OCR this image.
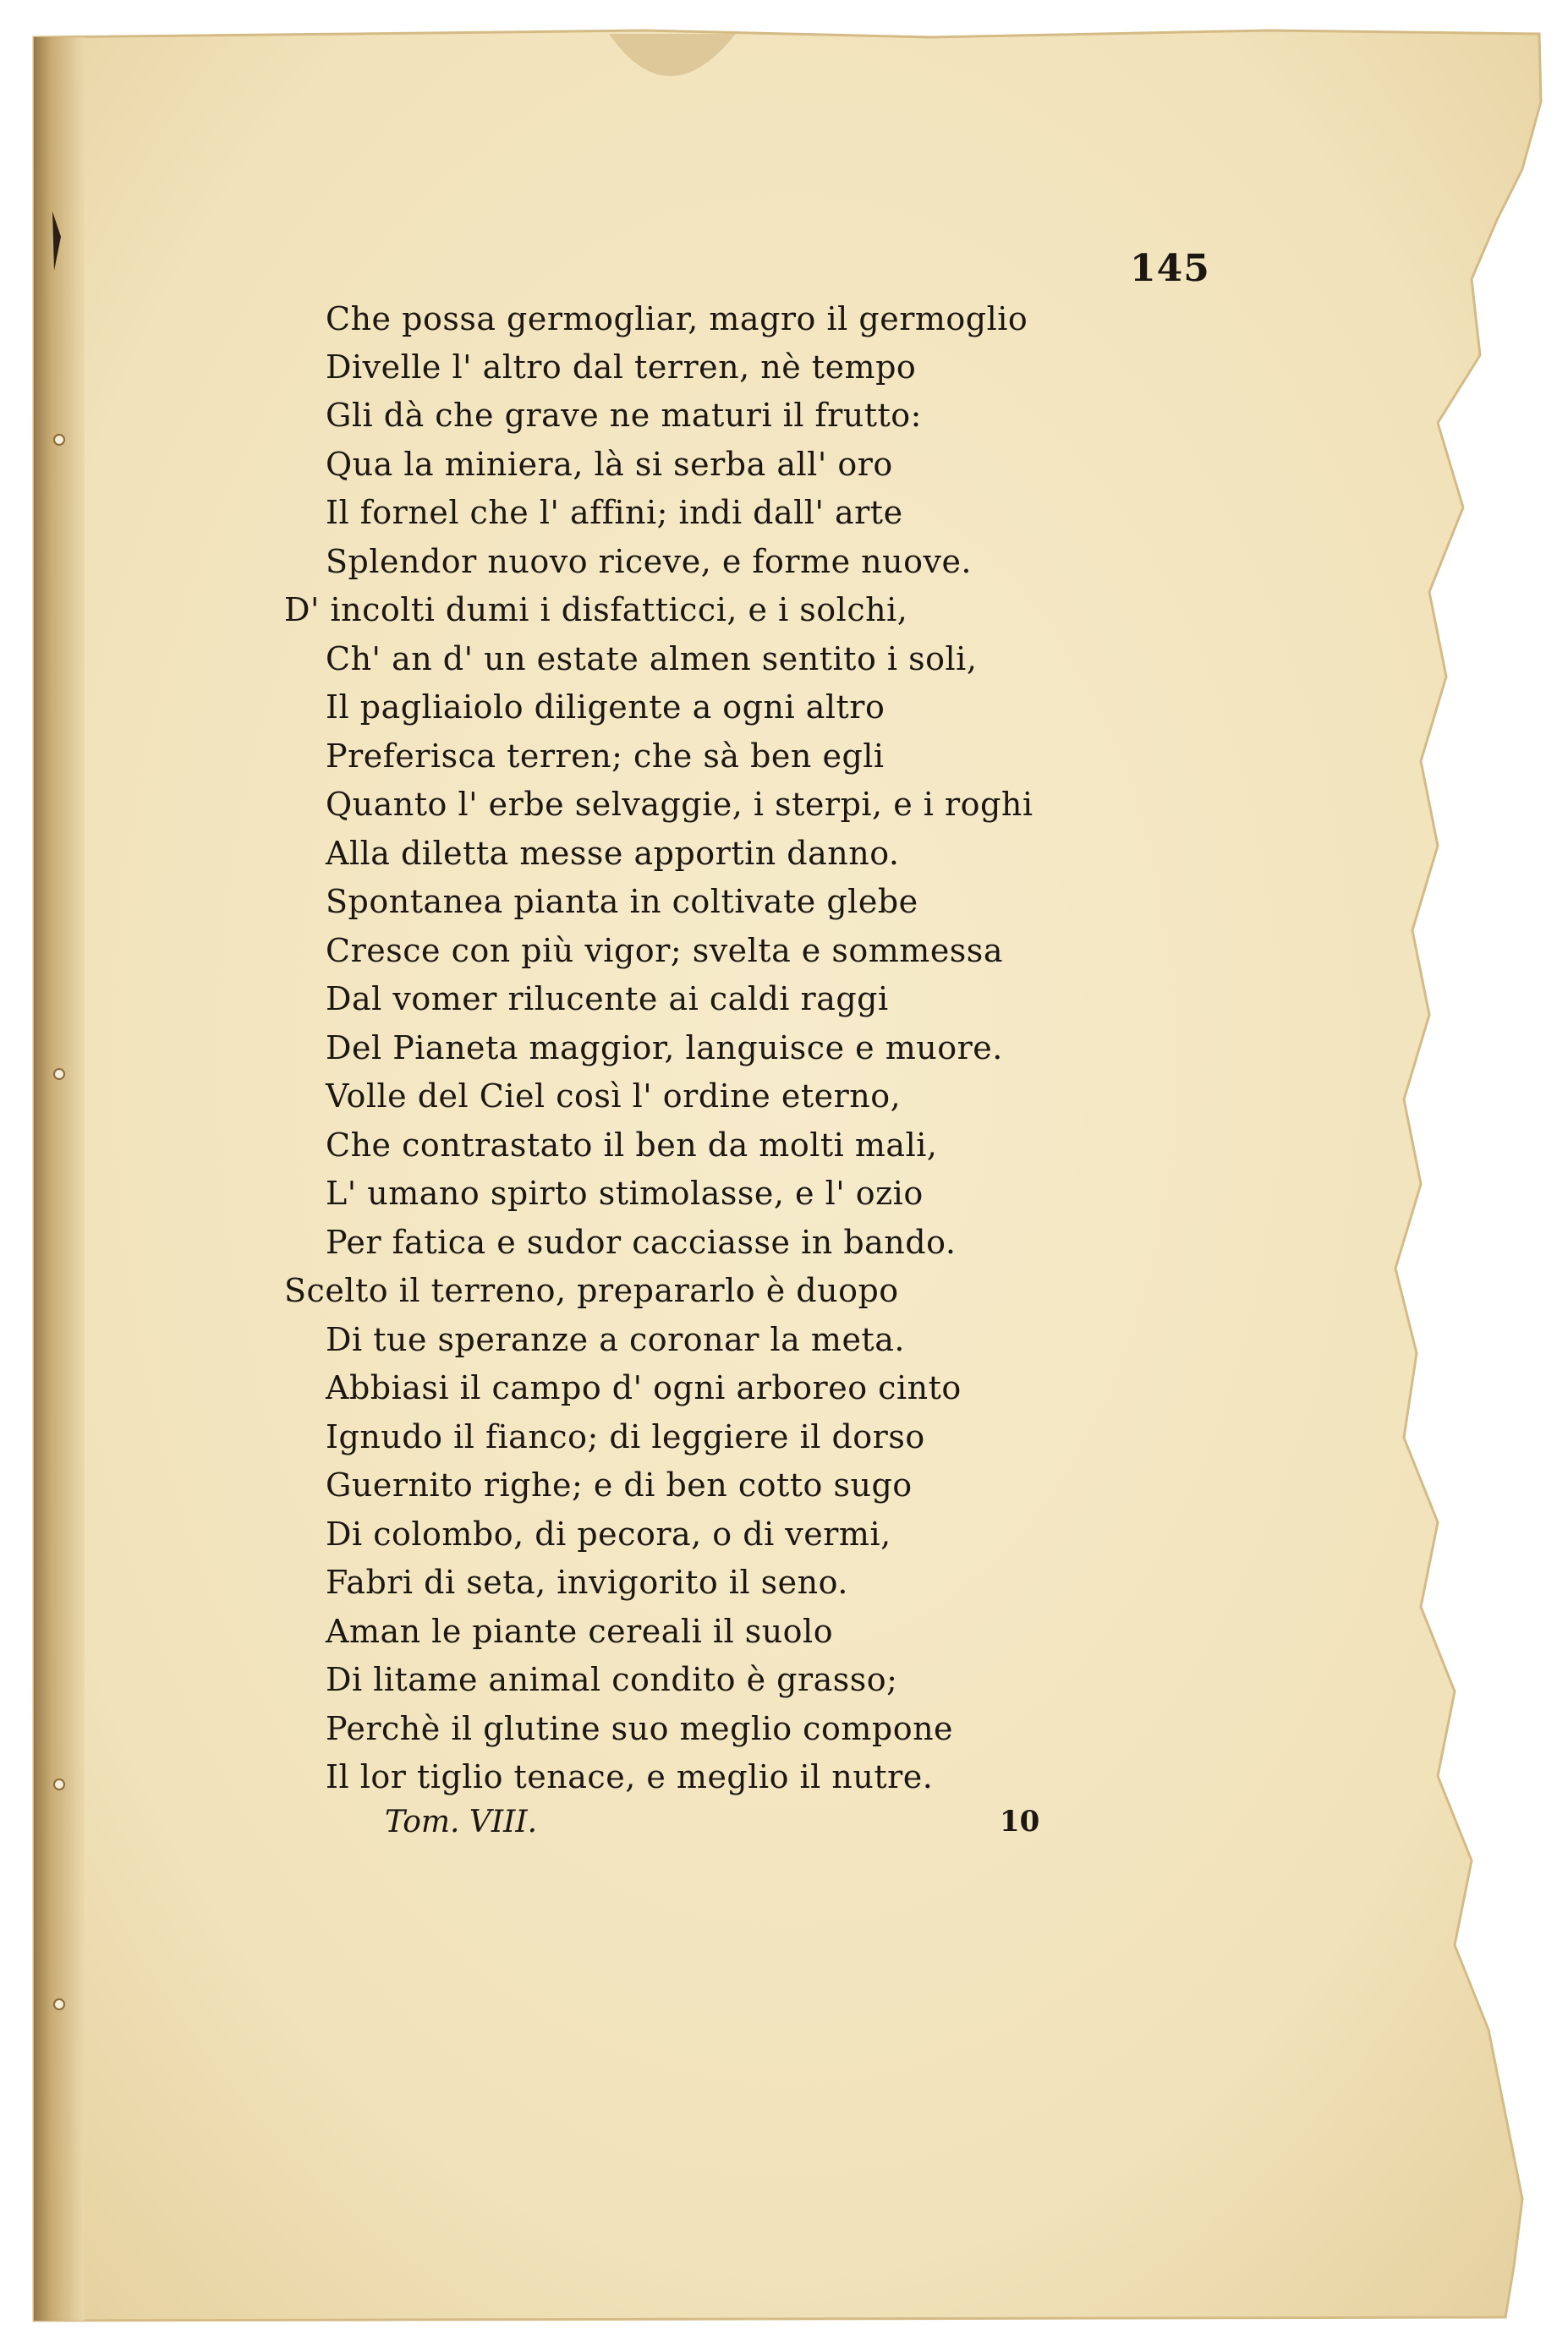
145
Che possa germogliar, magro il germoglio
Divelle l' altro dal terren, nè tempo
Gli dà che grave ne maturi il frutto:
Qua la miniera, là si serba all' oro
Il fornel che l' affini; indi dall' arte
Splendor nuovo riceve, e forme nuove.
D' incolti dumi i disfatticci, e i solchi,
Ch' an d' un estate almen sentito i soli,
Il pagliaiolo diligente a ogni altro
Preferisca terren; che sà ben egli
Quanto l' erbe selvaggie, i sterpi, e i roghi
Alla diletta messe apportin danno.
Spontanea pianta in coltivate glebe
Cresce con più vigor; svelta e sommessa
Dal vomer rilucente ai caldi raggi
Del Pianeta maggior, languisce e muore.
Volle del Ciel così l' ordine eterno,
Che contrastato il ben da molti mali,
L' umano spirto stimolasse, e l' ozio
Per fatica e sudor cacciasse in bando.
Scelto il terreno, prepararlo è duopo
Di tue speranze a coronar la meta.
Abbiasi il campo d' ogni arboreo cinto
Ignudo il fianco; di leggiere il dorso
Guernito righe; e di ben cotto sugo
Di colombo, di pecora, o di vermi,
Fabri di seta, invigorito il seno.
Aman le piante cereali il suolo
Di litame animal condito è grasso;
Perchè il glutine suo meglio compone
Il lor tiglio tenace, e meglio il nutre.
Tom. VIII.	10
